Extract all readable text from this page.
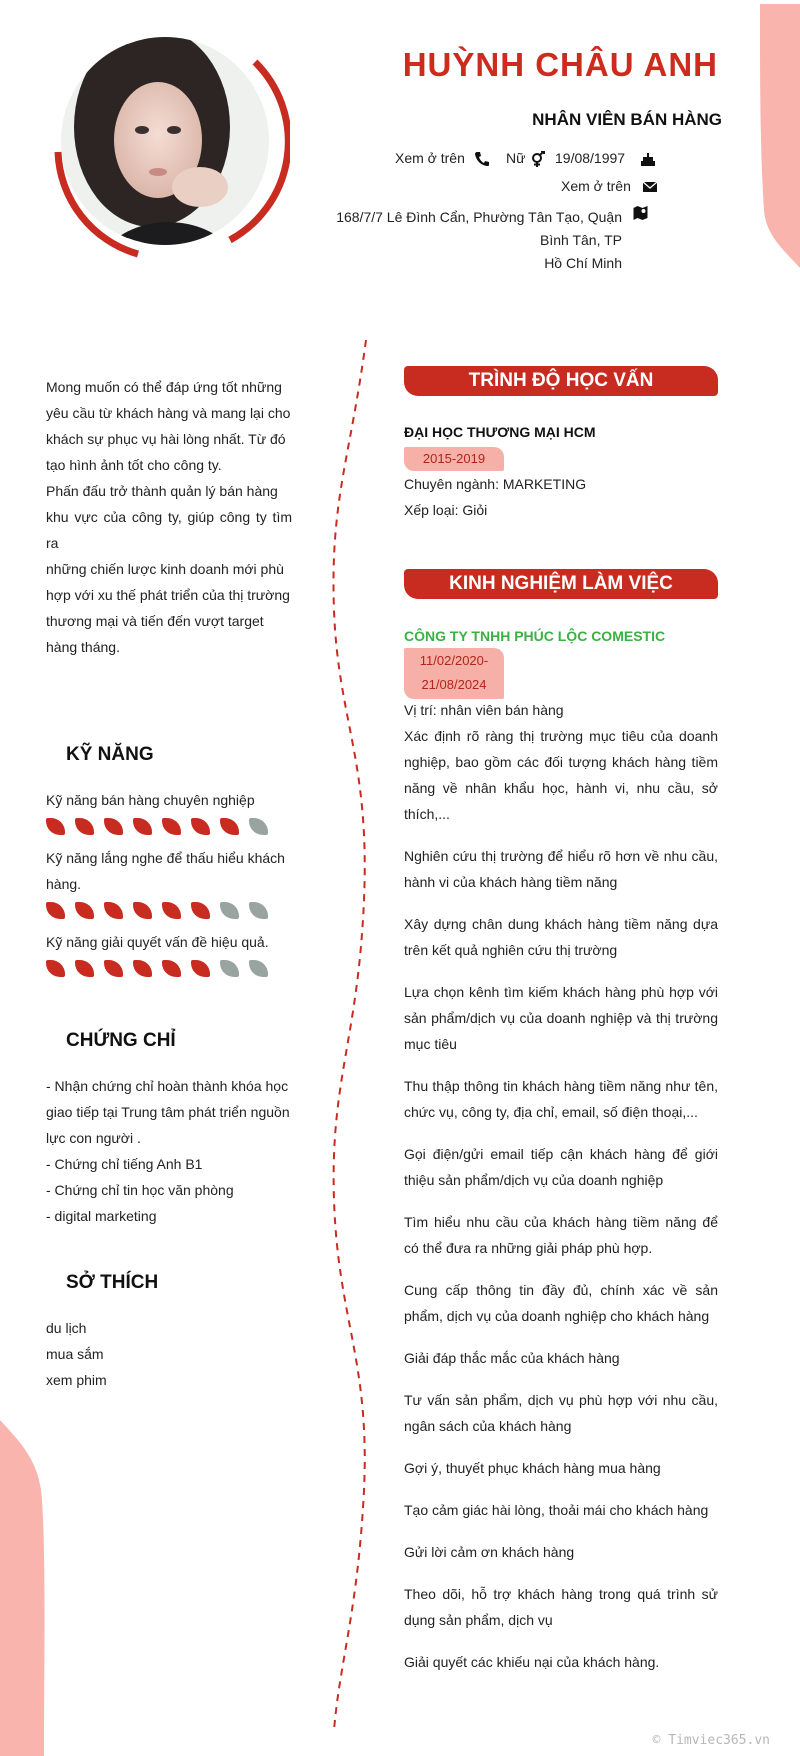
HUỲNH CHÂU ANH
NHÂN VIÊN BÁN HÀNG
Xem ở trên	Nữ	19/08/1997
Xem ở trên
168/7/7 Lê Đình Cẩn, Phường Tân Tạo, Quận Bình Tân, TP
Hồ Chí Minh
Mong muốn có thể đáp ứng tốt những
yêu cầu từ khách hàng và mang lại cho
khách sự phục vụ hài lòng nhất. Từ đó
tạo hình ảnh tốt cho công ty.
Phấn đấu trở thành quản lý bán hàng
khu vực của công ty, giúp công ty tìm ra
những chiến lược kinh doanh mới phù
hợp với xu thế phát triển của thị trường
thương mại và tiến đến vượt target
hàng tháng.
KỸ NĂNG
Kỹ năng bán hàng chuyên nghiệp
Kỹ năng lắng nghe để thấu hiểu khách
hàng.
Kỹ năng giải quyết vấn đề hiệu quả.
CHỨNG CHỈ
- Nhận chứng chỉ hoàn thành khóa học
giao tiếp tại Trung tâm phát triển nguồn
lực con người .
- Chứng chỉ tiếng Anh B1
- Chứng chỉ tin học văn phòng
- digital marketing
SỞ THÍCH
du lịch
mua sắm
xem phim
TRÌNH ĐỘ HỌC VẤN
ĐẠI HỌC THƯƠNG MẠI HCM
2015-2019
Chuyên ngành: MARKETING
Xếp loại: Giỏi
KINH NGHIỆM LÀM VIỆC
CÔNG TY TNHH PHÚC LỘC COMESTIC
11/02/2020-
21/08/2024
Vị trí: nhân viên bán hàng
Xác định rõ ràng thị trường mục tiêu của doanh nghiệp, bao gồm các đối tượng khách hàng tiềm năng về nhân khẩu học, hành vi, nhu cầu, sở thích,...
Nghiên cứu thị trường để hiểu rõ hơn về nhu cầu, hành vi của khách hàng tiềm năng
Xây dựng chân dung khách hàng tiềm năng dựa trên kết quả nghiên cứu thị trường
Lựa chọn kênh tìm kiếm khách hàng phù hợp với sản phẩm/dịch vụ của doanh nghiệp và thị trường mục tiêu
Thu thập thông tin khách hàng tiềm năng như tên, chức vụ, công ty, địa chỉ, email, số điện thoại,...
Gọi điện/gửi email tiếp cận khách hàng để giới thiệu sản phẩm/dịch vụ của doanh nghiệp
Tìm hiểu nhu cầu của khách hàng tiềm năng để có thể đưa ra những giải pháp phù hợp.
Cung cấp thông tin đầy đủ, chính xác về sản phẩm, dịch vụ của doanh nghiệp cho khách hàng
Giải đáp thắc mắc của khách hàng
Tư vấn sản phẩm, dịch vụ phù hợp với nhu cầu, ngân sách của khách hàng
Gợi ý, thuyết phục khách hàng mua hàng
Tạo cảm giác hài lòng, thoải mái cho khách hàng
Gửi lời cảm ơn khách hàng
Theo dõi, hỗ trợ khách hàng trong quá trình sử dụng sản phẩm, dịch vụ
Giải quyết các khiếu nại của khách hàng.
© Timviec365.vn
